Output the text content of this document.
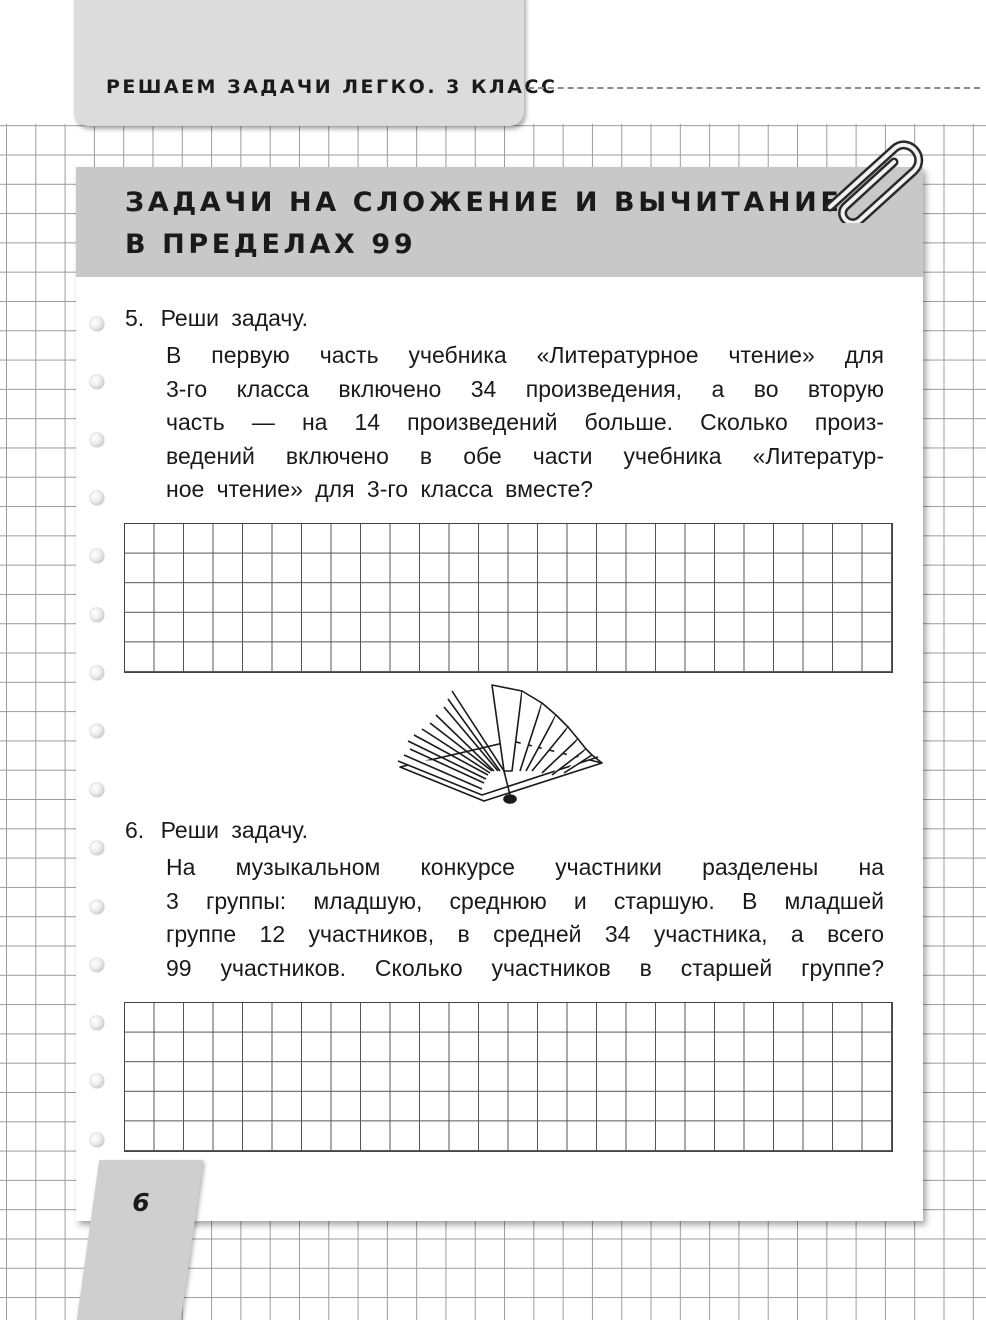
РЕШАЕМ ЗАДАЧИ ЛЕГКО. 3 КЛАСС
ЗАДАЧИ НА СЛОЖЕНИЕ И ВЫЧИТАНИЕ
В ПРЕДЕЛАХ 99
5. Реши задачу.

В первую часть учебника «Литературное чтение» для
3-го класса включено 34 произведения, а во вторую
часть — на 14 произведений больше. Сколько произ-
ведений включено в обе части учебника «Литератур-
ное чтение» для 3-го класса вместе?

6. Реши задачу.

На музыкальном конкурсе участники разделены на
3 группы: младшую, среднюю и старшую. В младшей
группе 12 участников, в средней 34 участника, а всего
99 участников. Сколько участников в старшей группе?

6
